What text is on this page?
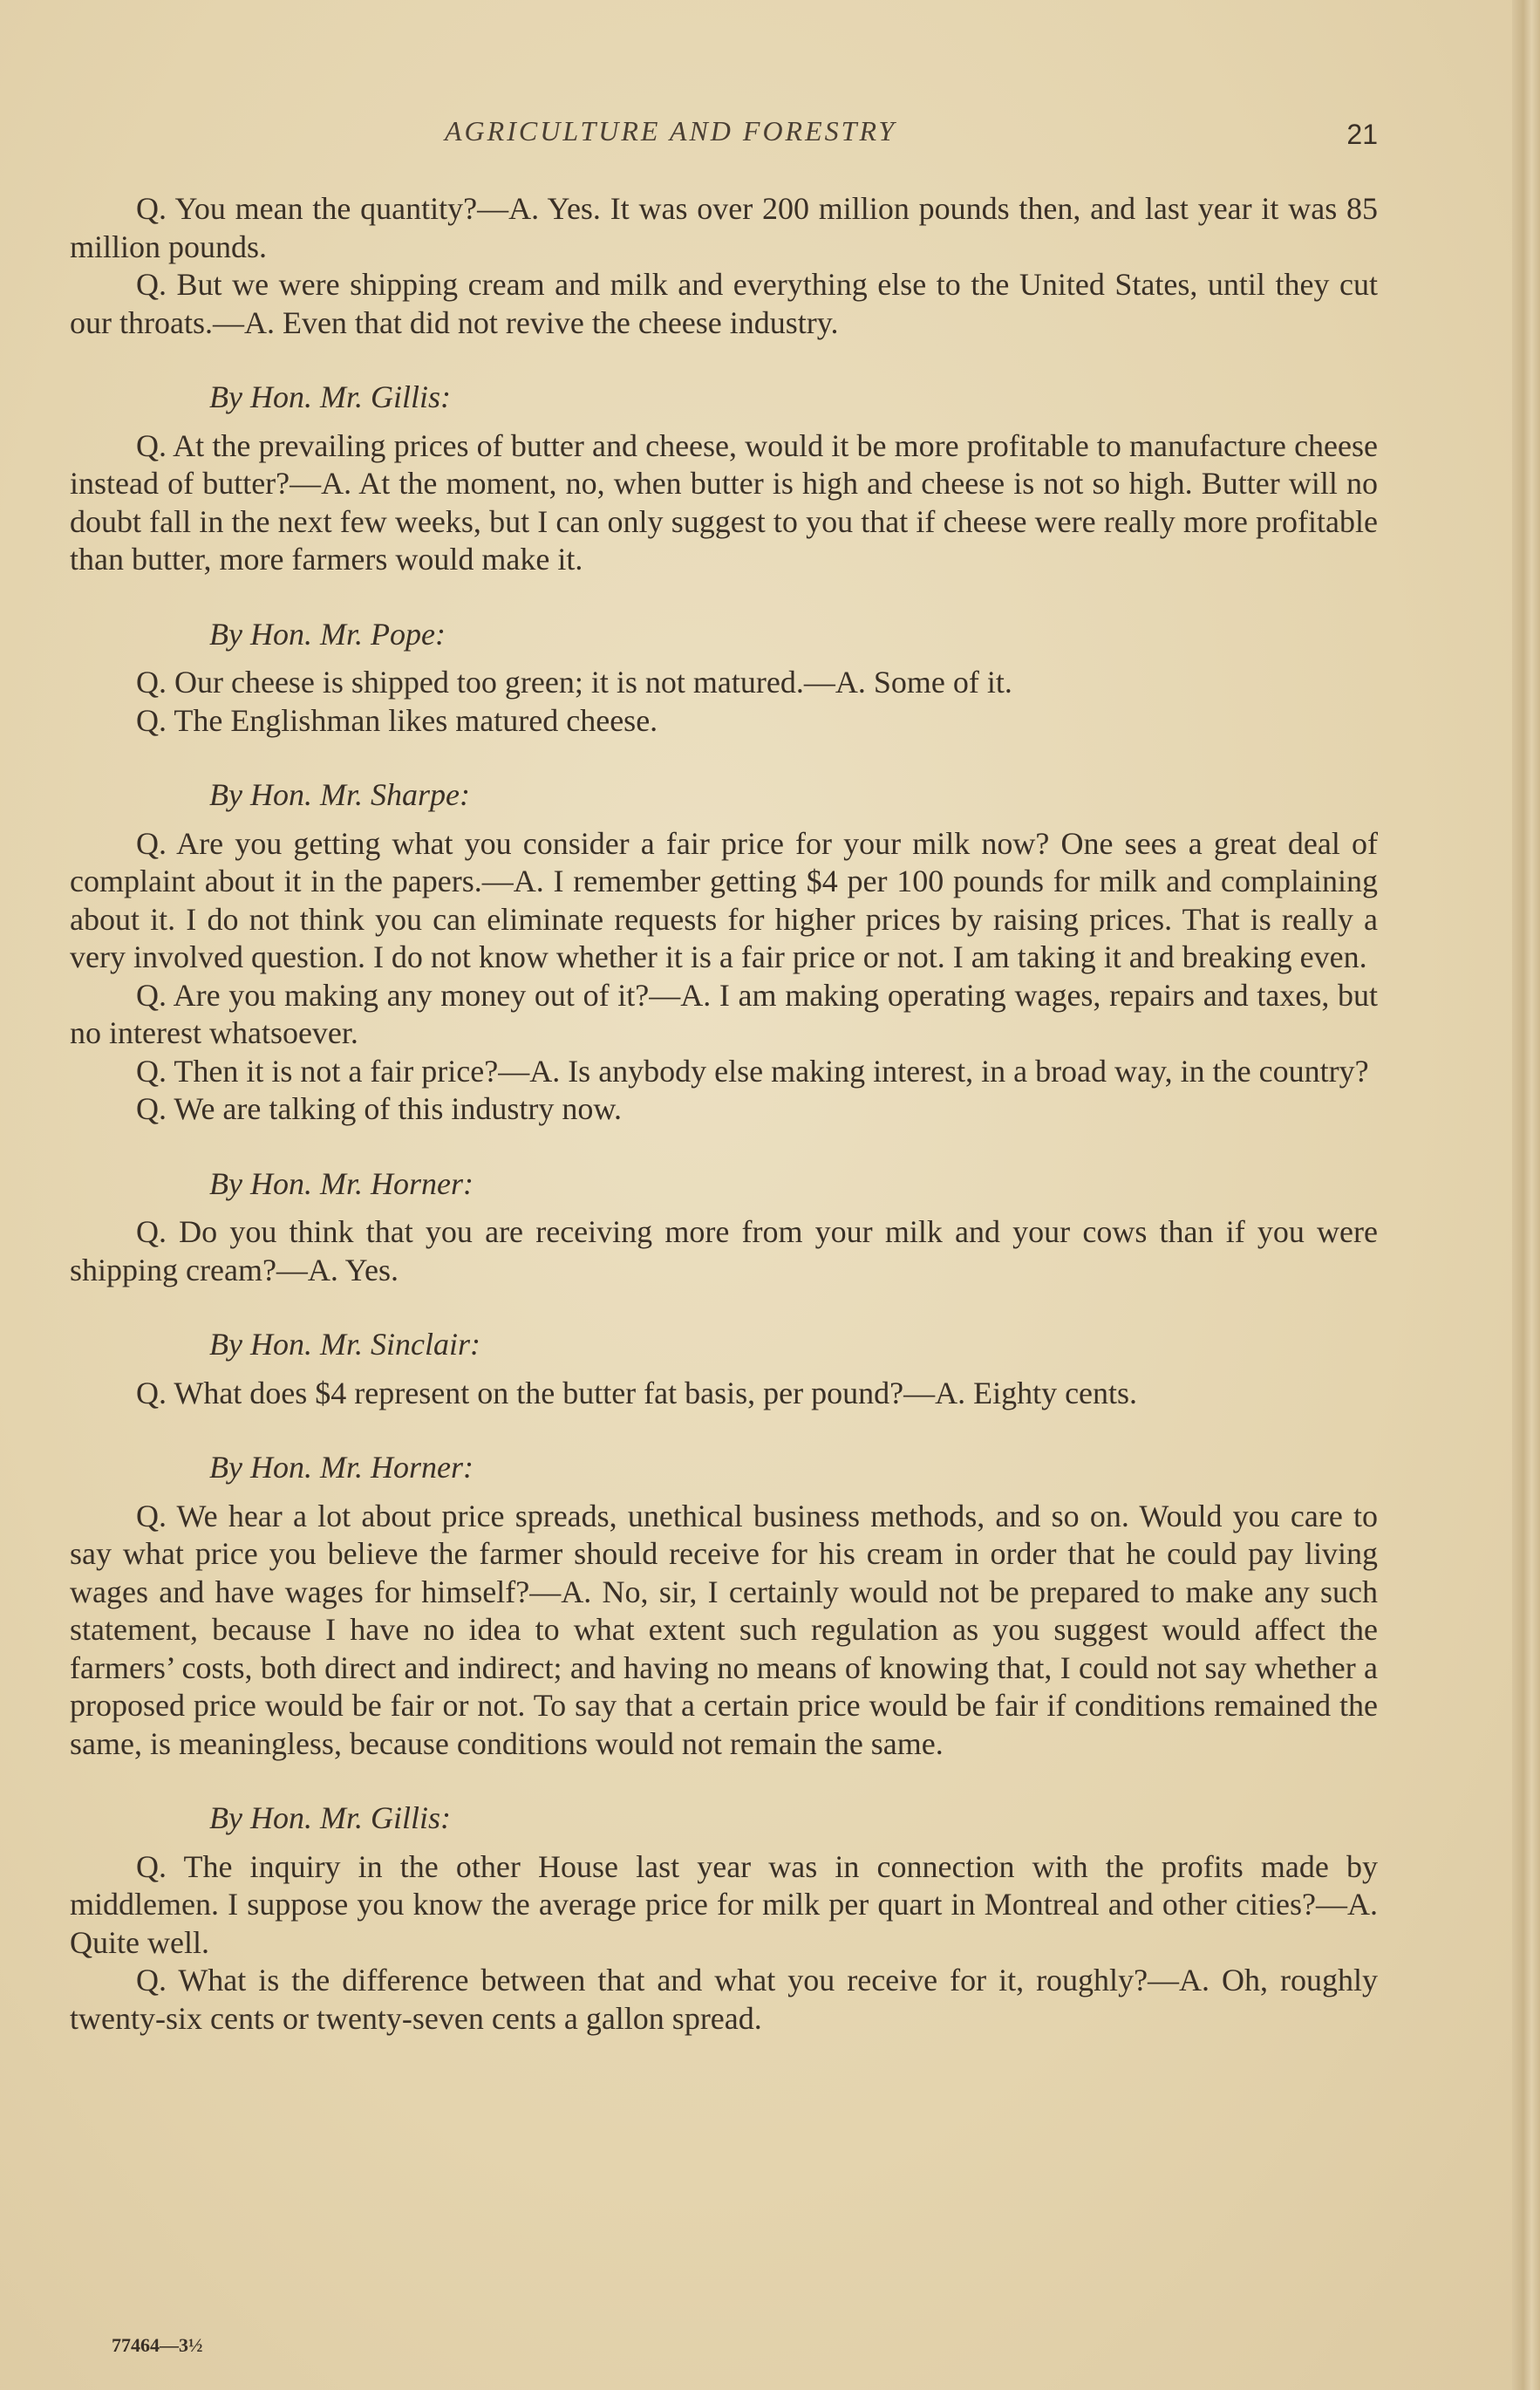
AGRICULTURE AND FORESTRY	21

Q. You mean the quantity?—A. Yes. It was over 200 million pounds then, and last year it was 85 million pounds.

Q. But we were shipping cream and milk and everything else to the United States, until they cut our throats.—A. Even that did not revive the cheese industry.

By Hon. Mr. Gillis:

Q. At the prevailing prices of butter and cheese, would it be more profitable to manufacture cheese instead of butter?—A. At the moment, no, when butter is high and cheese is not so high. Butter will no doubt fall in the next few weeks, but I can only suggest to you that if cheese were really more profitable than butter, more farmers would make it.

By Hon. Mr. Pope:

Q. Our cheese is shipped too green; it is not matured.—A. Some of it.

Q. The Englishman likes matured cheese.

By Hon. Mr. Sharpe:

Q. Are you getting what you consider a fair price for your milk now? One sees a great deal of complaint about it in the papers.—A. I remember getting $4 per 100 pounds for milk and complaining about it. I do not think you can eliminate requests for higher prices by raising prices. That is really a very involved question. I do not know whether it is a fair price or not. I am taking it and breaking even.

Q. Are you making any money out of it?—A. I am making operating wages, repairs and taxes, but no interest whatsoever.

Q. Then it is not a fair price?—A. Is anybody else making interest, in a broad way, in the country?

Q. We are talking of this industry now.

By Hon. Mr. Horner:

Q. Do you think that you are receiving more from your milk and your cows than if you were shipping cream?—A. Yes.

By Hon. Mr. Sinclair:

Q. What does $4 represent on the butter fat basis, per pound?—A. Eighty cents.

By Hon. Mr. Horner:

Q. We hear a lot about price spreads, unethical business methods, and so on. Would you care to say what price you believe the farmer should receive for his cream in order that he could pay living wages and have wages for himself?—A. No, sir, I certainly would not be prepared to make any such statement, because I have no idea to what extent such regulation as you suggest would affect the farmers’ costs, both direct and indirect; and having no means of knowing that, I could not say whether a proposed price would be fair or not. To say that a certain price would be fair if conditions remained the same, is meaningless, because conditions would not remain the same.

By Hon. Mr. Gillis:

Q. The inquiry in the other House last year was in connection with the profits made by middlemen. I suppose you know the average price for milk per quart in Montreal and other cities?—A. Quite well.

Q. What is the difference between that and what you receive for it, roughly?—A. Oh, roughly twenty-six cents or twenty-seven cents a gallon spread.

77464—3½
